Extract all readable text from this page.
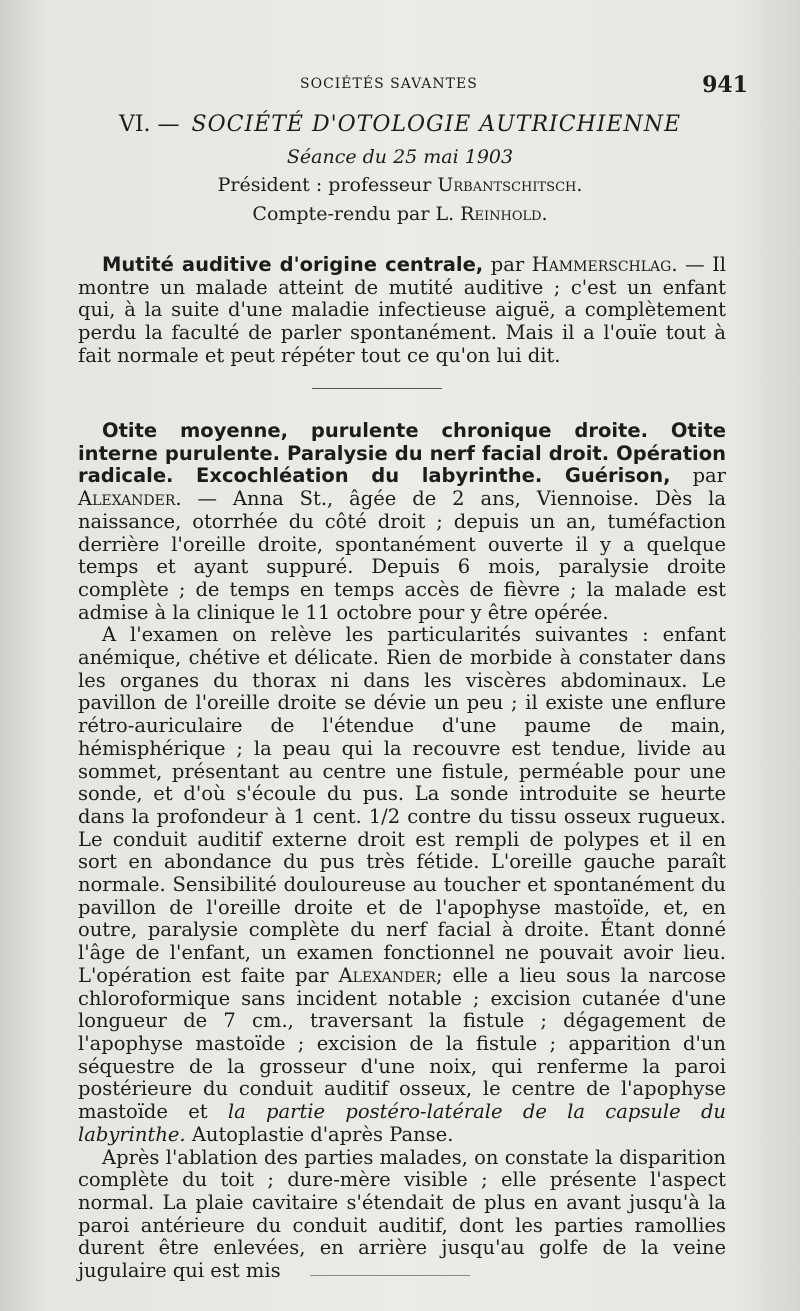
SOCIÉTÉS SAVANTES	941
VI. — SOCIÉTÉ D'OTOLOGIE AUTRICHIENNE
Séance du 25 mai 1903
Président : professeur Urbantschitsch.
Compte-rendu par L. Reinhold.

Mutité auditive d'origine centrale, par Hammerschlag. — Il montre un malade atteint de mutité auditive ; c'est un enfant qui, à la suite d'une maladie infectieuse aiguë, a complètement perdu la faculté de parler spontanément. Mais il a l'ouïe tout à fait normale et peut répéter tout ce qu'on lui dit.

Otite moyenne, purulente chronique droite. Otite interne purulente. Paralysie du nerf facial droit. Opération radicale. Excochléation du labyrinthe. Guérison, par Alexander. — Anna St., âgée de 2 ans, Viennoise. Dès la naissance, otorrhée du côté droit ; depuis un an, tuméfaction derrière l'oreille droite, spontanément ouverte il y a quelque temps et ayant suppuré. Depuis 6 mois, paralysie droite complète ; de temps en temps accès de fièvre ; la malade est admise à la clinique le 11 octobre pour y être opérée.

A l'examen on relève les particularités suivantes : enfant anémique, chétive et délicate. Rien de morbide à constater dans les organes du thorax ni dans les viscères abdominaux. Le pavillon de l'oreille droite se dévie un peu ; il existe une enflure rétro-auriculaire de l'étendue d'une paume de main, hémisphérique ; la peau qui la recouvre est tendue, livide au sommet, présentant au centre une fistule, perméable pour une sonde, et d'où s'écoule du pus. La sonde introduite se heurte dans la profondeur à 1 cent. 1/2 contre du tissu osseux rugueux. Le conduit auditif externe droit est rempli de polypes et il en sort en abondance du pus très fétide. L'oreille gauche paraît normale. Sensibilité douloureuse au toucher et spontanément du pavillon de l'oreille droite et de l'apophyse mastoïde, et, en outre, paralysie complète du nerf facial à droite. Étant donné l'âge de l'enfant, un examen fonctionnel ne pouvait avoir lieu. L'opération est faite par Alexander; elle a lieu sous la narcose chloroformique sans incident notable ; excision cutanée d'une longueur de 7 cm., traversant la fistule ; dégagement de l'apophyse mastoïde ; excision de la fistule ; apparition d'un séquestre de la grosseur d'une noix, qui renferme la paroi postérieure du conduit auditif osseux, le centre de l'apophyse mastoïde et la partie postéro-latérale de la capsule du labyrinthe. Autoplastie d'après Panse.

Après l'ablation des parties malades, on constate la disparition complète du toit ; dure-mère visible ; elle présente l'aspect normal. La plaie cavitaire s'étendait de plus en avant jusqu'à la paroi antérieure du conduit auditif, dont les parties ramollies durent être enlevées, en arrière jusqu'au golfe de la veine jugulaire qui est mis
